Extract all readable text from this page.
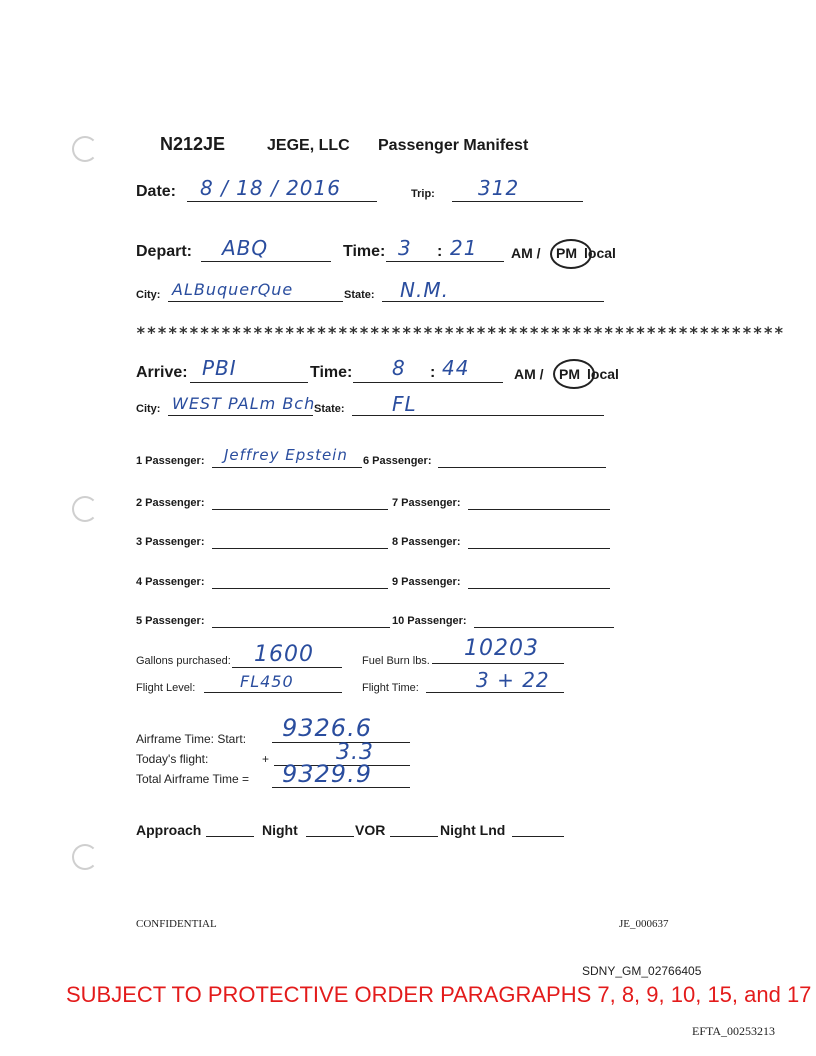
N212JE	JEGE, LLC Passenger Manifest
Date: 8 / 18 / 2016	Trip: 312
Depart: ABQ	Time: 3 : 21 AM / PM local
City: ALBuquerQue	State: N.M.
*************************************************************
Arrive: PBI	Time: 8 : 44	AM / PM local
City: WEST PALm Bch
State: FL
1 Passenger: Jeffrey Epstein 6 Passenger:
2 Passenger:	7 Passenger:
3 Passenger:	8 Passenger:
4 Passenger:	9 Passenger:
5 Passenger:	10 Passenger:
Gallons purchased: 1600	Fuel Burn lbs. 10203
Flight Level:	FL450	Flight Time:	3 + 22
Airframe Time: Start: 9326.6
Today's flight:	+	3.3
Total Airframe Time = 9329.9
Approach	Night	VOR	Night Lnd
CONFIDENTIAL	JE_000637
SDNY_GM_02766405
SUBJECT TO PROTECTIVE ORDER PARAGRAPHS 7, 8, 9, 10, 15, and 17
EFTA_00253213
